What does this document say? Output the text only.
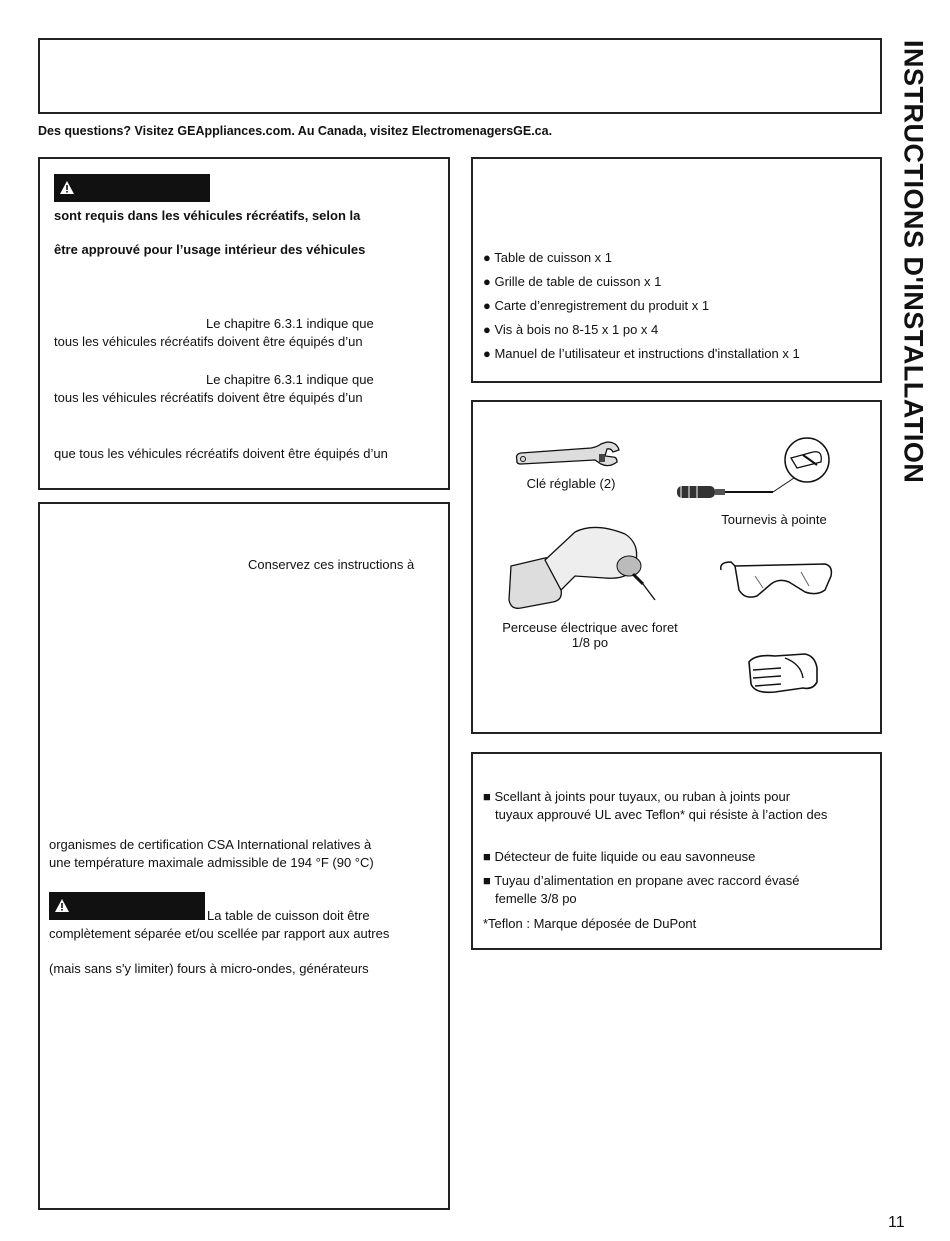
Des questions? Visitez GEAppliances.com. Au Canada, visitez ElectromenagersGE.ca.	INSTRUCTIONS D'INSTALLATION
sont requis dans les véhicules récréatifs, selon la
être approuvé pour l’usage intérieur des véhicules
Le chapitre 6.3.1 indique que
tous les véhicules récréatifs doivent être équipés d’un
Le chapitre 6.3.1 indique que
tous les véhicules récréatifs doivent être équipés d’un
que tous les véhicules récréatifs doivent être équipés d’un
Conservez ces instructions à
organismes de certification CSA International relatives à
une température maximale admissible de 194 °F (90 °C)
La table de cuisson doit être
complètement séparée et/ou scellée par rapport aux autres
(mais sans s'y limiter) fours à micro-ondes, générateurs
● Table de cuisson x 1
● Grille de table de cuisson x 1
● Carte d’enregistrement du produit x 1
● Vis à bois no 8-15 x 1 po x 4
● Manuel de l’utilisateur et instructions d'installation x 1
Clé réglable (2)
Tournevis à pointe
Perceuse électrique avec foret
1/8 po
■ Scellant à joints pour tuyaux, ou ruban à joints pour
tuyaux approuvé UL avec Teflon* qui résiste à l’action des
■ Détecteur de fuite liquide ou eau savonneuse
■ Tuyau d’alimentation en propane avec raccord évasé
femelle 3/8 po
*Teflon : Marque déposée de DuPont
11
